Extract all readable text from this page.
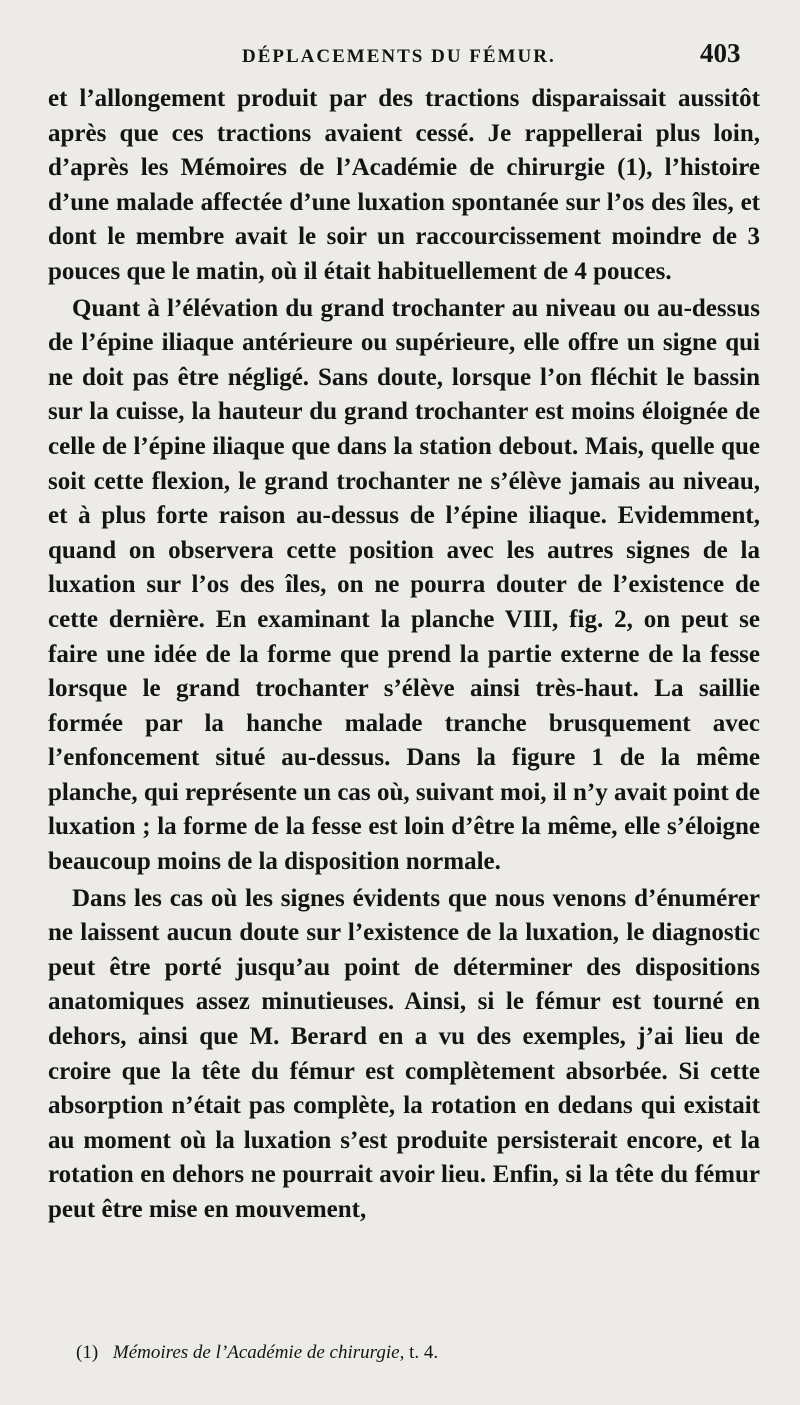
DÉPLACEMENTS DU FÉMUR.	403

et l’allongement produit par des tractions disparaissait aussitôt après que ces tractions avaient cessé. Je rappellerai plus loin, d’après les Mémoires de l’Académie de chirurgie (1), l’histoire d’une malade affectée d’une luxation spontanée sur l’os des îles, et dont le membre avait le soir un raccourcissement moindre de 3 pouces que le matin, où il était habituellement de 4 pouces.

Quant à l’élévation du grand trochanter au niveau ou au-dessus de l’épine iliaque antérieure ou supérieure, elle offre un signe qui ne doit pas être négligé. Sans doute, lorsque l’on fléchit le bassin sur la cuisse, la hauteur du grand trochanter est moins éloignée de celle de l’épine iliaque que dans la station debout. Mais, quelle que soit cette flexion, le grand trochanter ne s’élève jamais au niveau, et à plus forte raison au-dessus de l’épine iliaque. Evidemment, quand on observera cette position avec les autres signes de la luxation sur l’os des îles, on ne pourra douter de l’existence de cette dernière. En examinant la planche VIII, fig. 2, on peut se faire une idée de la forme que prend la partie externe de la fesse lorsque le grand trochanter s’élève ainsi très-haut. La saillie formée par la hanche malade tranche brusquement avec l’enfoncement situé au-dessus. Dans la figure 1 de la même planche, qui représente un cas où, suivant moi, il n’y avait point de luxation ; la forme de la fesse est loin d’être la même, elle s’éloigne beaucoup moins de la disposition normale.

Dans les cas où les signes évidents que nous venons d’énumérer ne laissent aucun doute sur l’existence de la luxation, le diagnostic peut être porté jusqu’au point de déterminer des dispositions anatomiques assez minutieuses. Ainsi, si le fémur est tourné en dehors, ainsi que M. Berard en a vu des exemples, j’ai lieu de croire que la tête du fémur est complètement absorbée. Si cette absorption n’était pas complète, la rotation en dedans qui existait au moment où la luxation s’est produite persisterait encore, et la rotation en dehors ne pourrait avoir lieu. Enfin, si la tête du fémur peut être mise en mouvement,

(1) Mémoires de l’Académie de chirurgie, t. 4.
